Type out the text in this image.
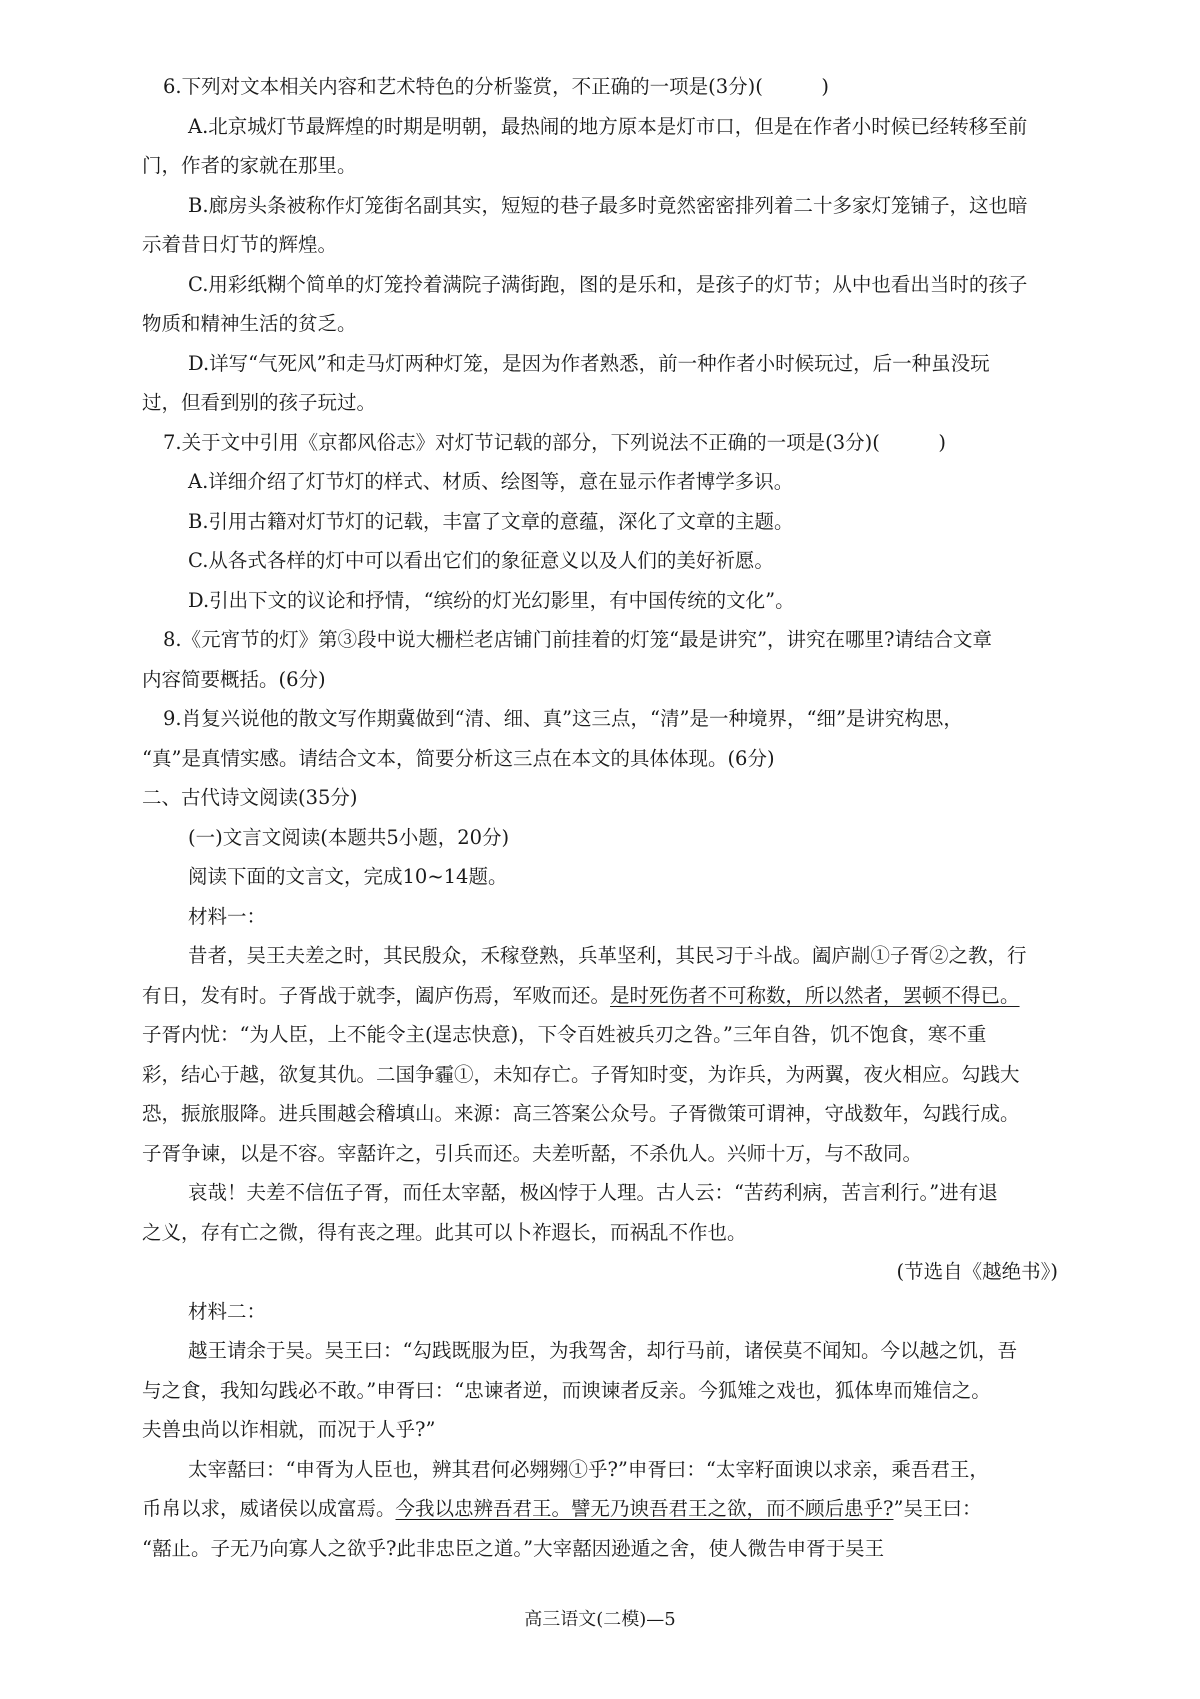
6.下列对文本相关内容和艺术特色的分析鉴赏，不正确的一项是(3分)(　　　)
A.北京城灯节最辉煌的时期是明朝，最热闹的地方原本是灯市口，但是在作者小时候已经转移至前
门，作者的家就在那里。
B.廊房头条被称作灯笼街名副其实，短短的巷子最多时竟然密密排列着二十多家灯笼铺子，这也暗
示着昔日灯节的辉煌。
C.用彩纸糊个简单的灯笼拎着满院子满街跑，图的是乐和，是孩子的灯节；从中也看出当时的孩子
物质和精神生活的贫乏。
D.详写“气死风”和走马灯两种灯笼，是因为作者熟悉，前一种作者小时候玩过，后一种虽没玩
过，但看到别的孩子玩过。
7.关于文中引用《京都风俗志》对灯节记载的部分，下列说法不正确的一项是(3分)(　　　)
A.详细介绍了灯节灯的样式、材质、绘图等，意在显示作者博学多识。
B.引用古籍对灯节灯的记载，丰富了文章的意蕴，深化了文章的主题。
C.从各式各样的灯中可以看出它们的象征意义以及人们的美好祈愿。
D.引出下文的议论和抒情，“缤纷的灯光幻影里，有中国传统的文化”。
8.《元宵节的灯》第③段中说大栅栏老店铺门前挂着的灯笼“最是讲究”，讲究在哪里?请结合文章
内容简要概括。(6分)
9.肖复兴说他的散文写作期冀做到“清、细、真”这三点，“清”是一种境界，“细”是讲究构思，
“真”是真情实感。请结合文本，简要分析这三点在本文的具体体现。(6分)
二、古代诗文阅读(35分)
(一)文言文阅读(本题共5小题，20分)
阅读下面的文言文，完成10~14题。
材料一：
昔者，吴王夫差之时，其民殷众，禾稼登熟，兵革坚利，其民习于斗战。阖庐剬①子胥②之教，行
有日，发有时。子胥战于就李，阖庐伤焉，军败而还。是时死伤者不可称数，所以然者，罢顿不得已。
子胥内忧：“为人臣，上不能令主(逞志快意)，下令百姓被兵刃之咎。”三年自咎，饥不饱食，寒不重
彩，结心于越，欲复其仇。二国争霾①，未知存亡。子胥知时变，为诈兵，为两翼，夜火相应。勾践大
恐，振旅服降。进兵围越会稽填山。来源：高三答案公众号。子胥微策可谓神，守战数年，勾践行成。
子胥争谏，以是不容。宰嚭许之，引兵而还。夫差听嚭，不杀仇人。兴师十万，与不敌同。
哀哉！夫差不信伍子胥，而任太宰嚭，极凶悖于人理。古人云：“苦药利病，苦言利行。”进有退
之义，存有亡之微，得有丧之理。此其可以卜祚遐长，而祸乱不作也。
(节选自《越绝书》)
材料二：
越王请余于吴。吴王曰：“勾践既服为臣，为我驾舍，却行马前，诸侯莫不闻知。今以越之饥，吾
与之食，我知勾践必不敢。”申胥曰：“忠谏者逆，而谀谏者反亲。今狐雉之戏也，狐体卑而雉信之。
夫兽虫尚以诈相就，而况于人乎?”
太宰嚭曰：“申胥为人臣也，辨其君何必翙翙①乎?”申胥曰：“太宰籽面谀以求亲，乘吾君王，
币帛以求，威诸侯以成富焉。今我以忠辨吾君王。譬无乃谀吾君王之欲，而不顾后患乎?”吴王曰：
“嚭止。子无乃向寡人之欲乎?此非忠臣之道。”大宰嚭因逊遁之舍，使人微告申胥于吴王
高三语文(二模)—5
